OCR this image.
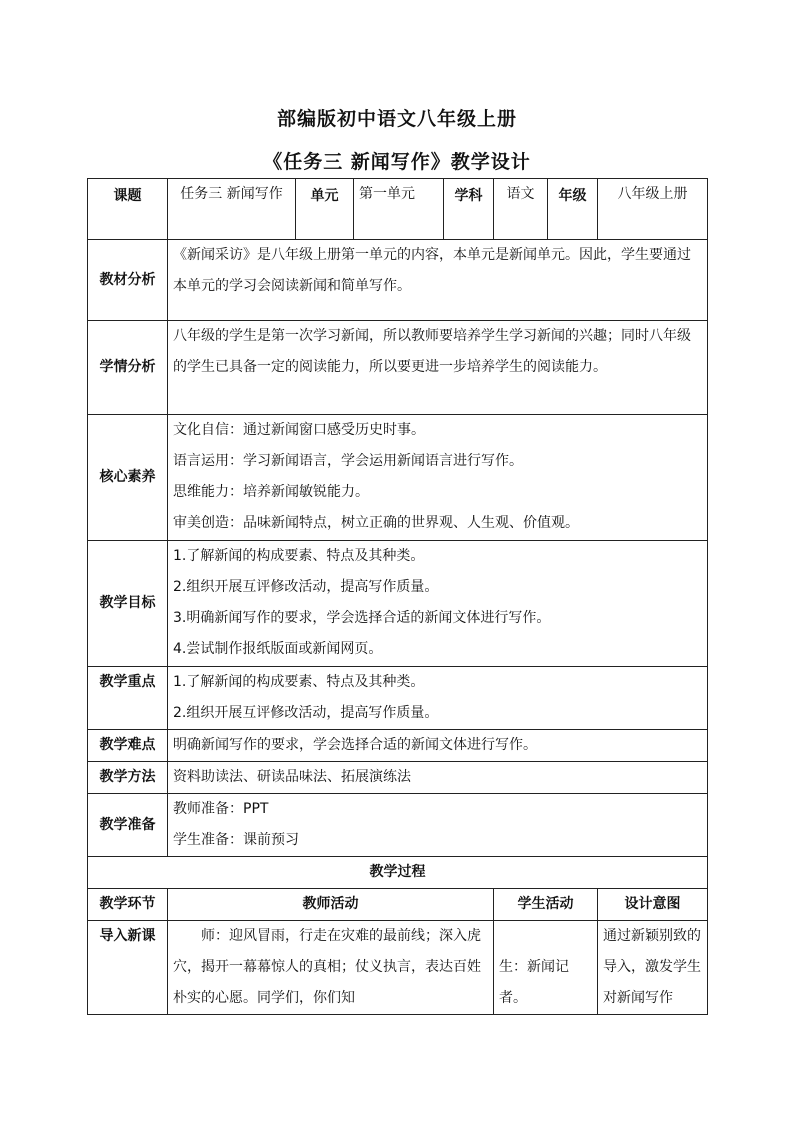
部编版初中语文八年级上册
《任务三 新闻写作》教学设计
课题	任务三 新闻写作	单元	第一单元	学科	语文	年级	八年级上册
教材分析	《新闻采访》是八年级上册第一单元的内容，本单元是新闻单元。因此，学生要通过本单元的学习会阅读新闻和简单写作。						

学情分析	八年级的学生是第一次学习新闻，所以教师要培养学生学习新闻的兴趣；同时八年级的学生已具备一定的阅读能力，所以要更进一步培养学生的阅读能力。						

核心素养	文化自信：通过新闻窗口感受历史时事。
语言运用：学习新闻语言，学会运用新闻语言进行写作。
思维能力：培养新闻敏锐能力。
审美创造：品味新闻特点，树立正确的世界观、人生观、价值观。						

教学目标	1.了解新闻的构成要素、特点及其种类。
2.组织开展互评修改活动，提高写作质量。
3.明确新闻写作的要求，学会选择合适的新闻文体进行写作。
4.尝试制作报纸版面或新闻网页。						

教学重点	1.了解新闻的构成要素、特点及其种类。
2.组织开展互评修改活动，提高写作质量。						

教学难点	明确新闻写作的要求，学会选择合适的新闻文体进行写作。						
教学方法	资料助读法、研读品味法、拓展演练法						
教学准备	教师准备：PPT
学生准备：课前预习						

教学过程							
教学环节	教师活动				学生活动		设计意图
导入新课	师：迎风冒雨，行走在灾难的最前线；深入虎穴，揭开一幕幕惊人的真相；仗义执言，表达百姓朴实的心愿。同学们，你们知				生：新闻记者。		通过新颖别致的导入，激发学生对新闻写作
